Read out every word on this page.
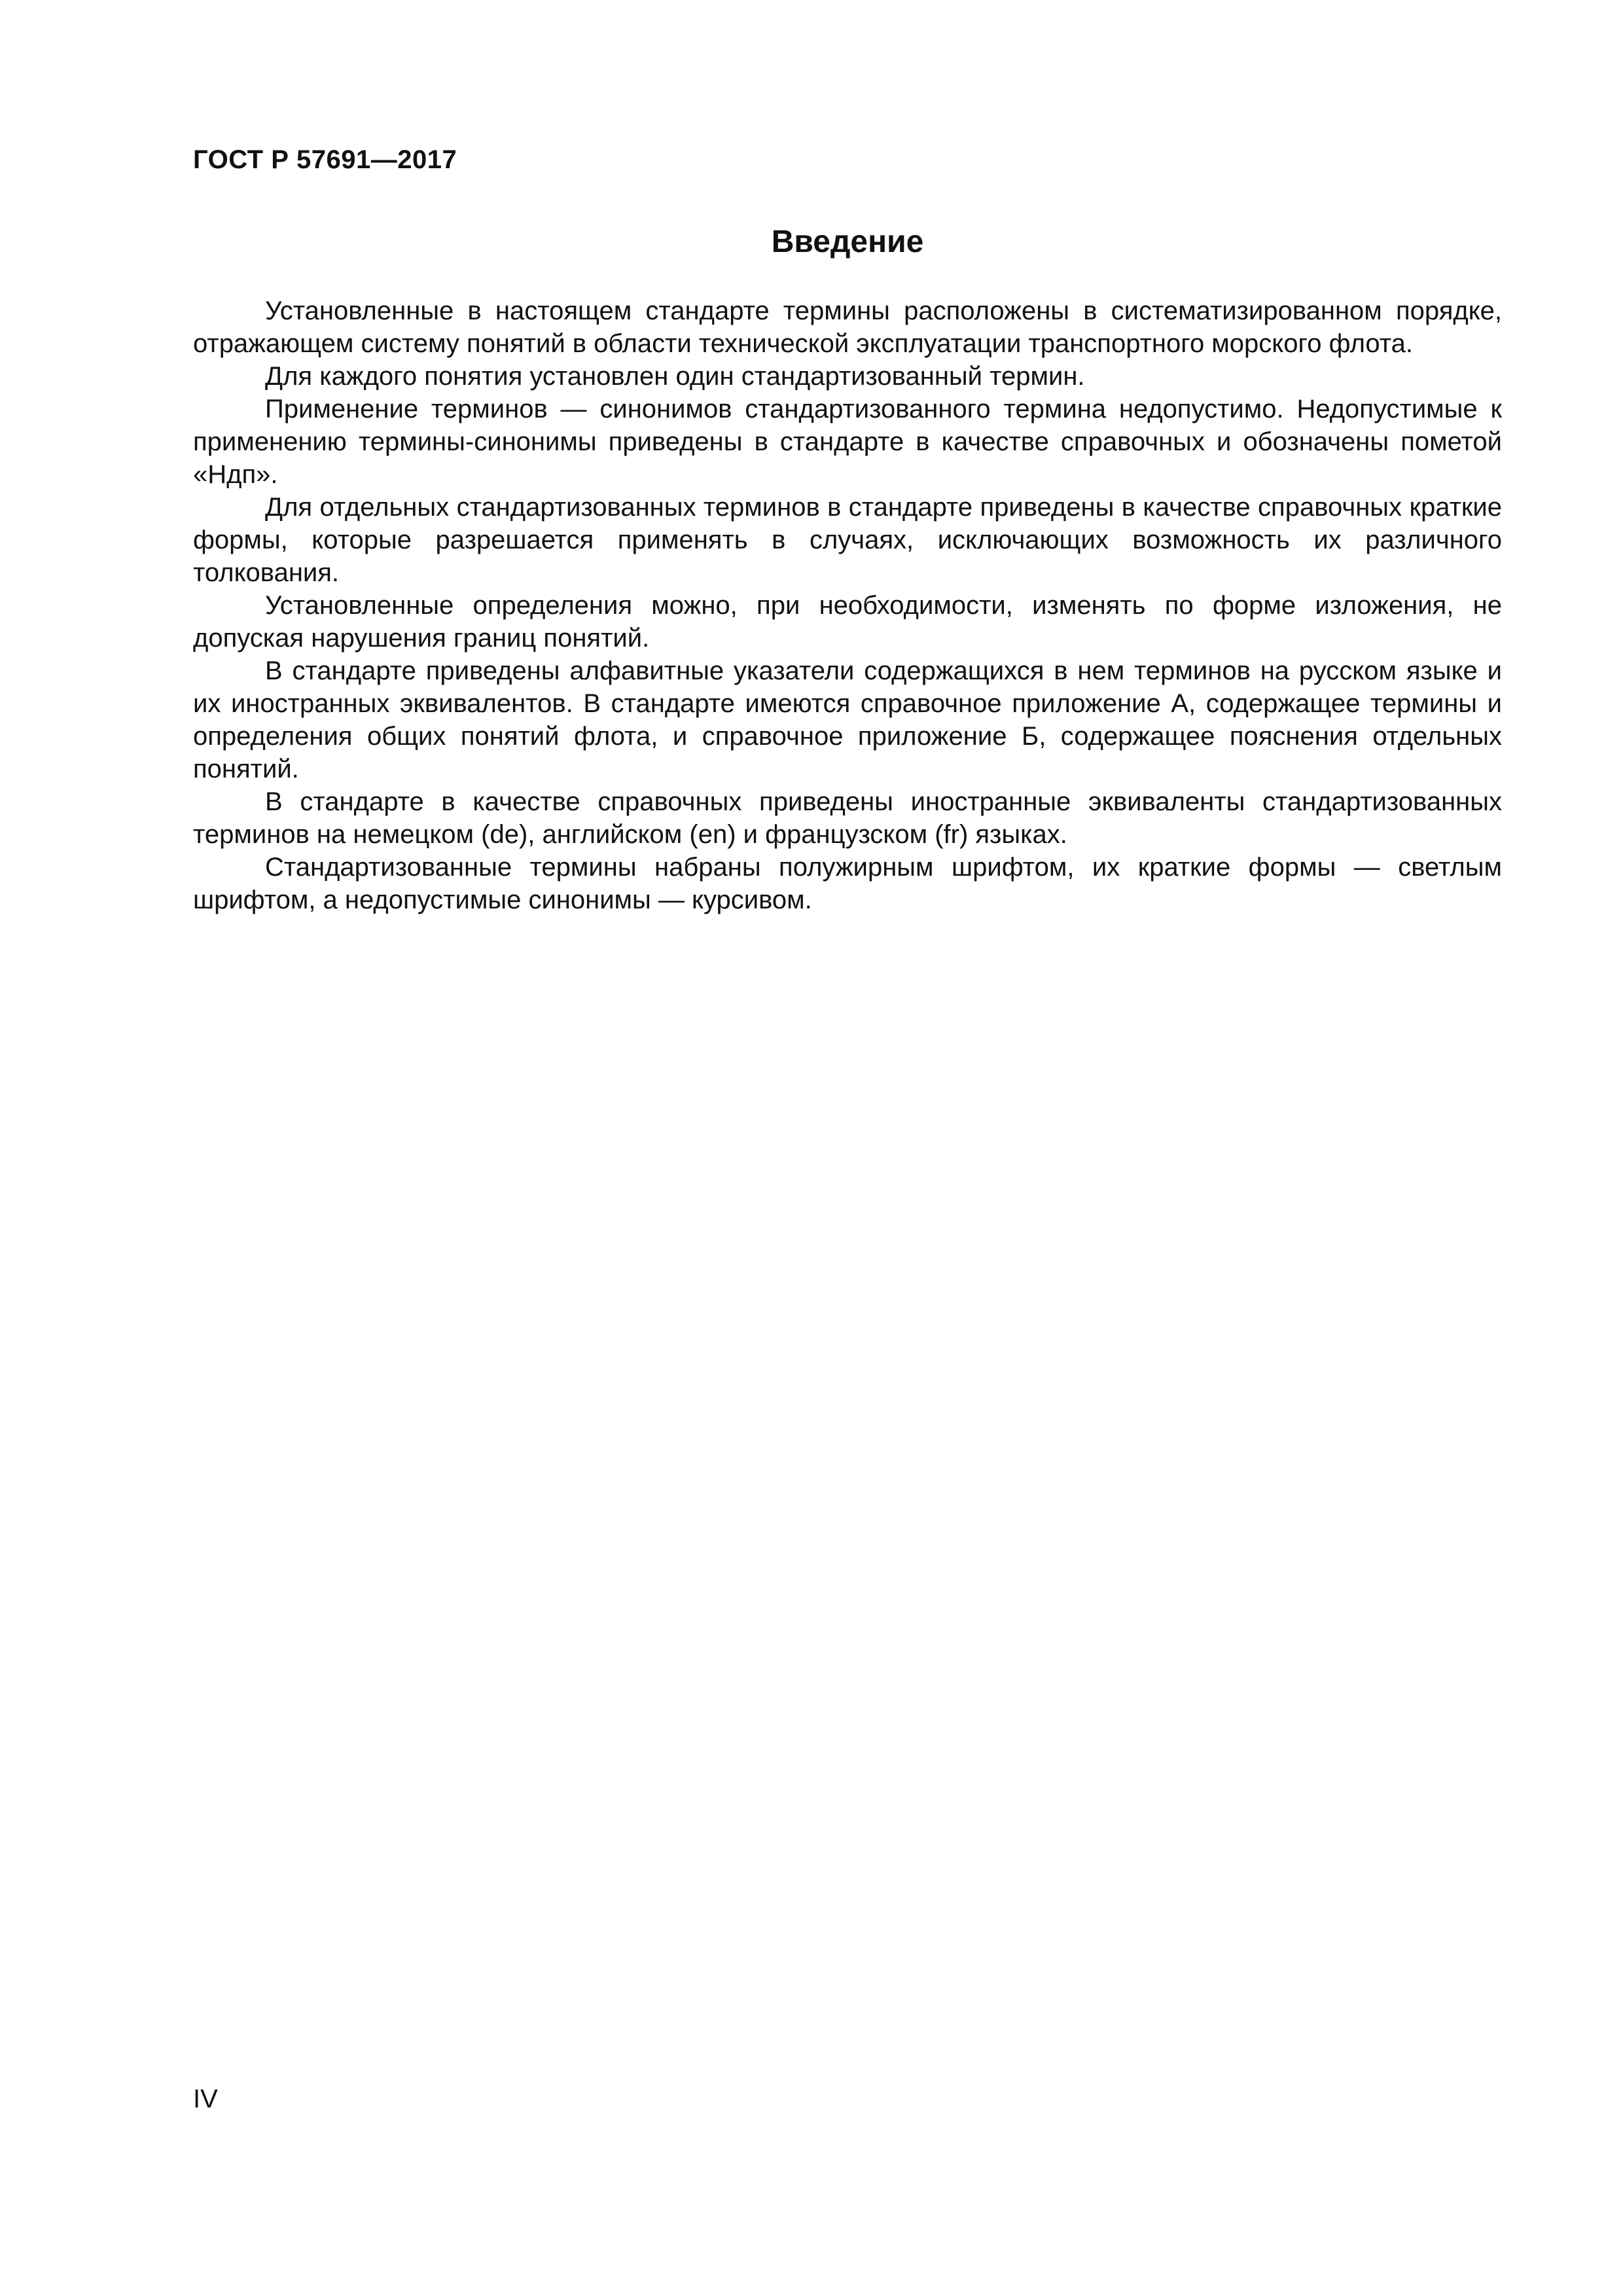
ГОСТ Р 57691—2017
Введение

Установленные в настоящем стандарте термины расположены в систематизированном порядке, отражающем систему понятий в области технической эксплуатации транспортного морского флота.

Для каждого понятия установлен один стандартизованный термин.

Применение терминов — синонимов стандартизованного термина недопустимо. Недопустимые к применению термины-синонимы приведены в стандарте в качестве справочных и обозначены пометой «Ндп».

Для отдельных стандартизованных терминов в стандарте приведены в качестве справочных краткие формы, которые разрешается применять в случаях, исключающих возможность их различного толкования.

Установленные определения можно, при необходимости, изменять по форме изложения, не допуская нарушения границ понятий.

В стандарте приведены алфавитные указатели содержащихся в нем терминов на русском языке и их иностранных эквивалентов. В стандарте имеются справочное приложение А, содержащее термины и определения общих понятий флота, и справочное приложение Б, содержащее пояснения отдельных понятий.

В стандарте в качестве справочных приведены иностранные эквиваленты стандартизованных терминов на немецком (de), английском (en) и французском (fr) языках.

Стандартизованные термины набраны полужирным шрифтом, их краткие формы — светлым шрифтом, а недопустимые синонимы — курсивом.

IV
